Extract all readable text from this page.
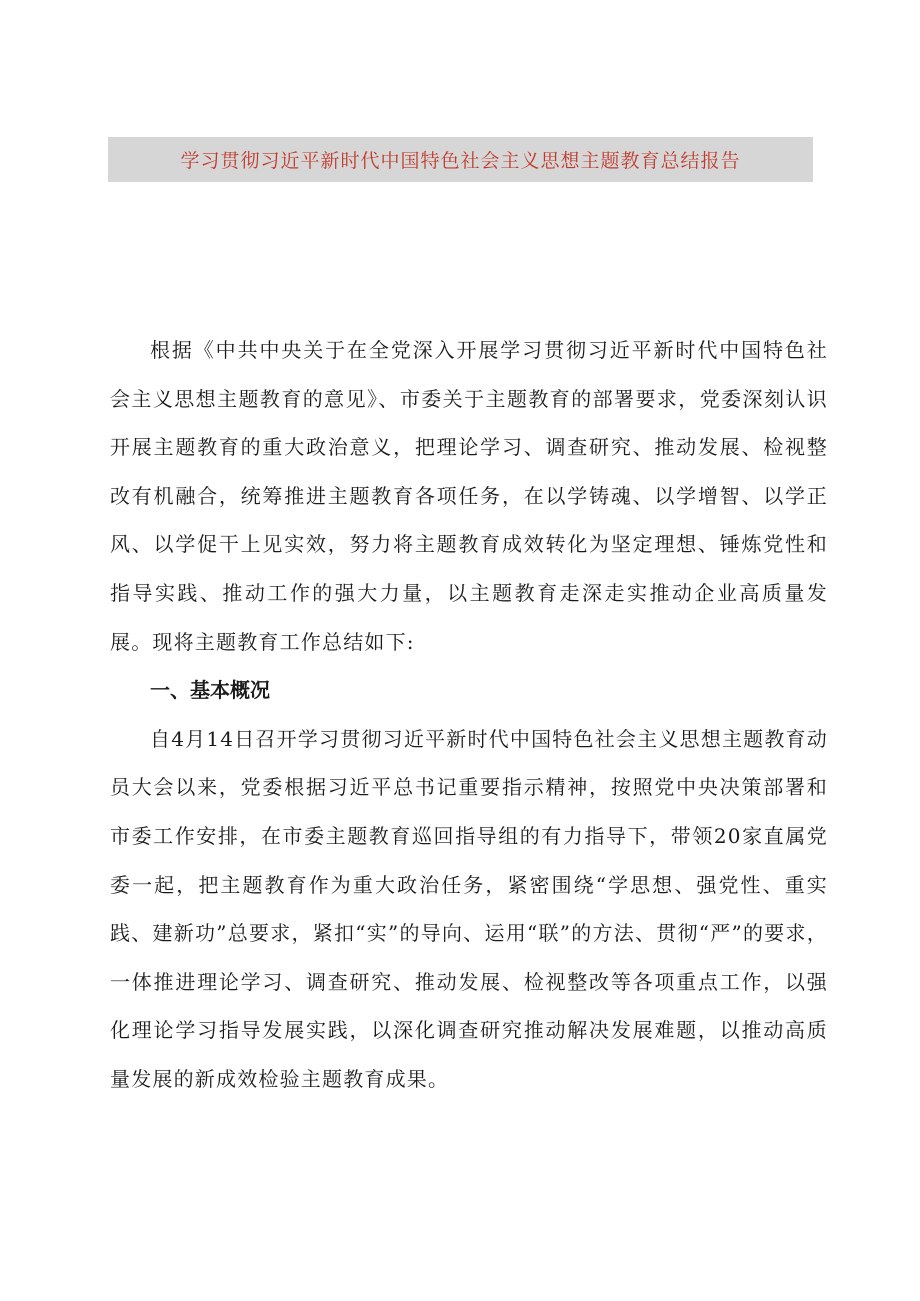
学习贯彻习近平新时代中国特色社会主义思想主题教育总结报告

根据《中共中央关于在全党深入开展学习贯彻习近平新时代中国特色社会主义思想主题教育的意见》、市委关于主题教育的部署要求，党委深刻认识开展主题教育的重大政治意义，把理论学习、调查研究、推动发展、检视整改有机融合，统筹推进主题教育各项任务，在以学铸魂、以学增智、以学正风、以学促干上见实效，努力将主题教育成效转化为坚定理想、锤炼党性和指导实践、推动工作的强大力量，以主题教育走深走实推动企业高质量发展。现将主题教育工作总结如下:

一、基本概况

自4月14日召开学习贯彻习近平新时代中国特色社会主义思想主题教育动员大会以来，党委根据习近平总书记重要指示精神，按照党中央决策部署和市委工作安排，在市委主题教育巡回指导组的有力指导下，带领20家直属党委一起，把主题教育作为重大政治任务，紧密围绕“学思想、强党性、重实践、建新功”总要求，紧扣“实”的导向、运用“联”的方法、贯彻“严”的要求，一体推进理论学习、调查研究、推动发展、检视整改等各项重点工作，以强化理论学习指导发展实践，以深化调查研究推动解决发展难题，以推动高质量发展的新成效检验主题教育成果。
